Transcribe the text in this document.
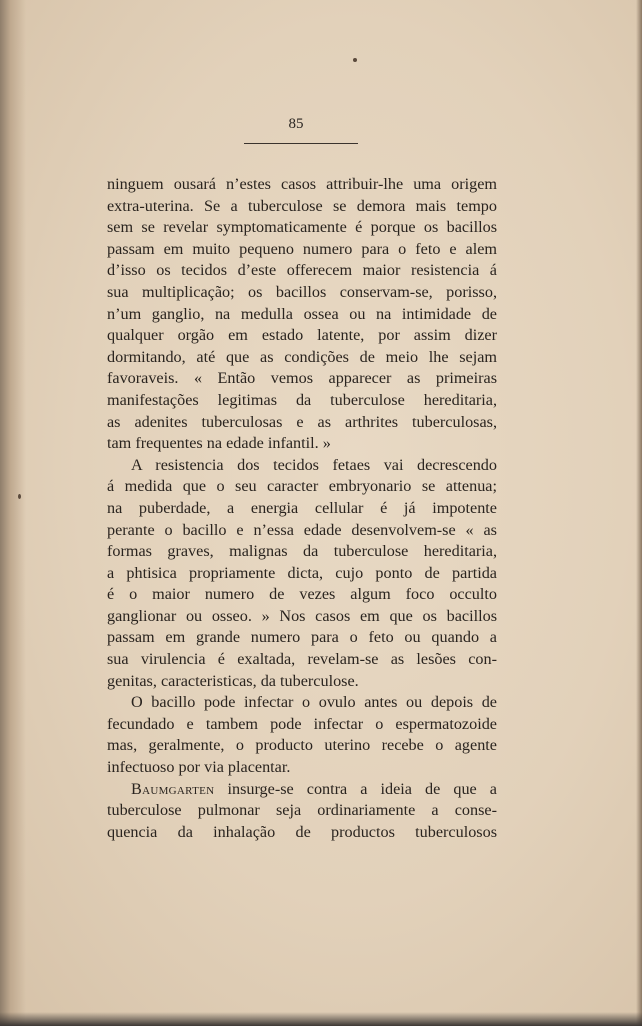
85
ninguem ousará n’estes casos attribuir-lhe uma origem
extra-uterina. Se a tuberculose se demora mais tempo
sem se revelar symptomaticamente é porque os bacillos
passam em muito pequeno numero para o feto e alem
d’isso os tecidos d’este offerecem maior resistencia á
sua multiplicação; os bacillos conservam-se, porisso,
n’um ganglio, na medulla ossea ou na intimidade de
qualquer orgão em estado latente, por assim dizer
dormitando, até que as condições de meio lhe sejam
favoraveis. « Então vemos apparecer as primeiras
manifestações legitimas da tuberculose hereditaria,
as adenites tuberculosas e as arthrites tuberculosas,
tam frequentes na edade infantil. »
A resistencia dos tecidos fetaes vai decrescendo
á medida que o seu caracter embryonario se attenua;
na puberdade, a energia cellular é já impotente
perante o bacillo e n’essa edade desenvolvem-se « as
formas graves, malignas da tuberculose hereditaria,
a phtisica propriamente dicta, cujo ponto de partida
é o maior numero de vezes algum foco occulto
ganglionar ou osseo. » Nos casos em que os bacillos
passam em grande numero para o feto ou quando a
sua virulencia é exaltada, revelam-se as lesões con-
genitas, caracteristicas, da tuberculose.
O bacillo pode infectar o ovulo antes ou depois de
fecundado e tambem pode infectar o espermatozoide
mas, geralmente, o producto uterino recebe o agente
infectuoso por via placentar.
Baumgarten insurge-se contra a ideia de que a
tuberculose pulmonar seja ordinariamente a conse-
quencia da inhalação de productos tuberculosos
